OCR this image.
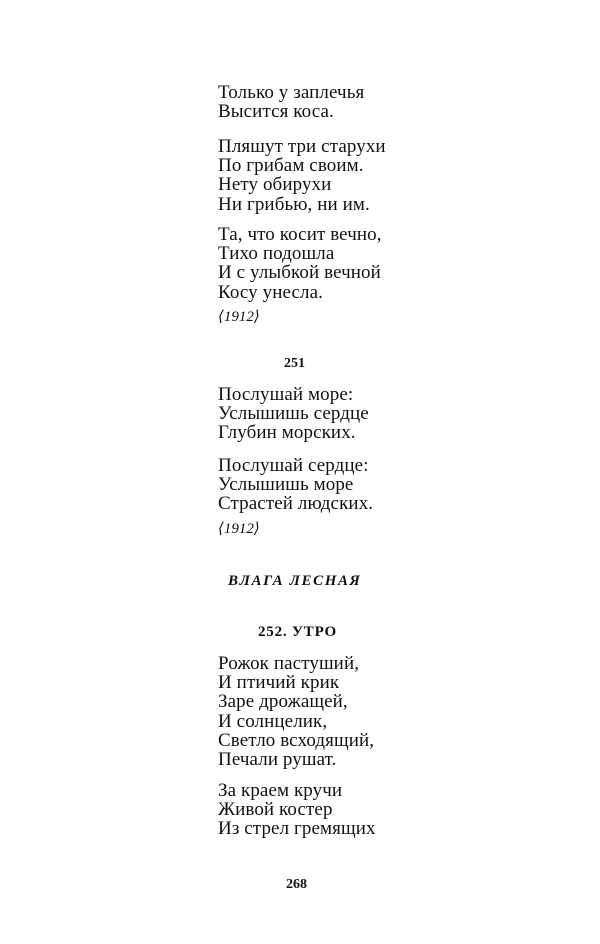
Только у заплечья
Высится коса.
Пляшут три старухи
По грибам своим.
Нету обирухи
Ни грибью, ни им.
Та, что косит вечно,
Тихо подошла
И с улыбкой вечной
Косу унесла.
⟨1912⟩
251
Послушай море:
Услышишь сердце
Глубин морских.
Послушай сердце:
Услышишь море
Страстей людских.
⟨1912⟩
ВЛАГА ЛЕСНАЯ
252. УТРО
Рожок пастуший,
И птичий крик
Заре дрожащей,
И солнцелик,
Светло всходящий,
Печали рушат.
За краем кручи
Живой костер
Из стрел гремящих
268
